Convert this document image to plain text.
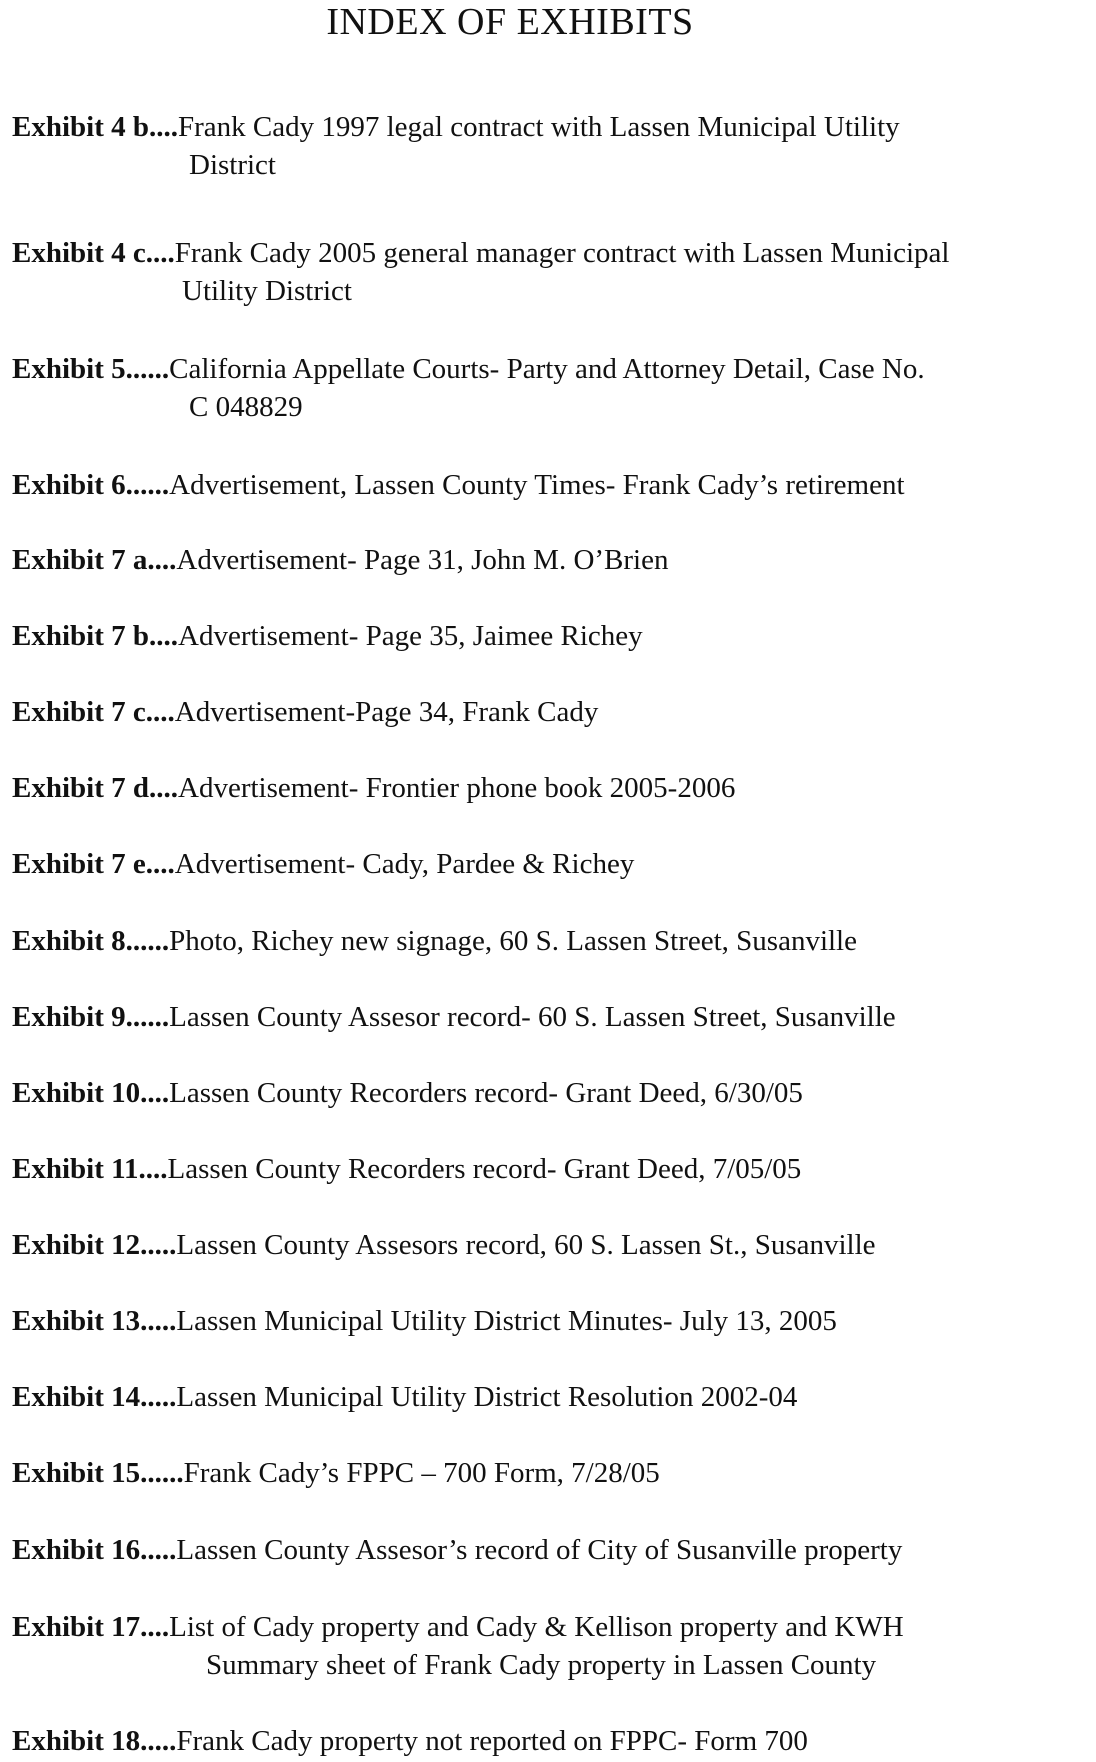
INDEX OF EXHIBITS
Exhibit 4 b....Frank Cady 1997 legal contract with Lassen Municipal Utility
District
Exhibit 4 c....Frank Cady 2005 general manager contract with Lassen Municipal
Utility District
Exhibit 5......California Appellate Courts- Party and Attorney Detail, Case No.
C 048829
Exhibit 6......Advertisement, Lassen County Times- Frank Cady’s retirement
Exhibit 7 a....Advertisement- Page 31, John M. O’Brien
Exhibit 7 b....Advertisement- Page 35, Jaimee Richey
Exhibit 7 c....Advertisement-Page 34, Frank Cady
Exhibit 7 d....Advertisement- Frontier phone book 2005-2006
Exhibit 7 e....Advertisement- Cady, Pardee & Richey
Exhibit 8......Photo, Richey new signage, 60 S. Lassen Street, Susanville
Exhibit 9......Lassen County Assesor record- 60 S. Lassen Street, Susanville
Exhibit 10....Lassen County Recorders record- Grant Deed, 6/30/05
Exhibit 11....Lassen County Recorders record- Grant Deed, 7/05/05
Exhibit 12.....Lassen County Assesors record, 60 S. Lassen St., Susanville
Exhibit 13.....Lassen Municipal Utility District Minutes- July 13, 2005
Exhibit 14.....Lassen Municipal Utility District Resolution 2002-04
Exhibit 15......Frank Cady’s FPPC – 700 Form, 7/28/05
Exhibit 16.....Lassen County Assesor’s record of City of Susanville property
Exhibit 17....List of Cady property and Cady & Kellison property and KWH
Summary sheet of Frank Cady property in Lassen County
Exhibit 18.....Frank Cady property not reported on FPPC- Form 700
